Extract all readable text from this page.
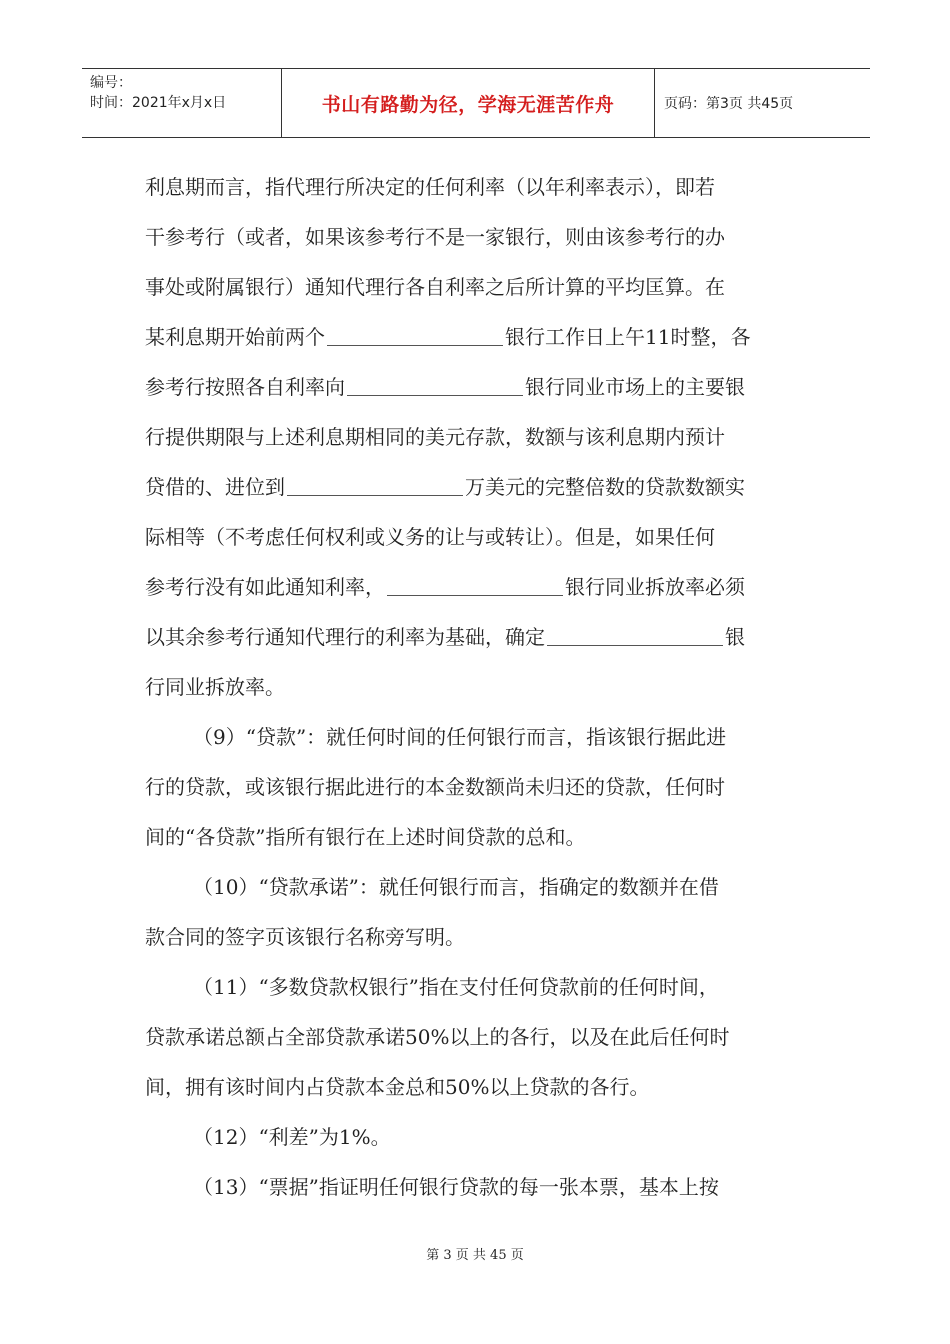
编号：
时间：2021年x月x日	书山有路勤为径，学海无涯苦作舟	页码：第3页 共45页
利息期而言，指代理行所决定的任何利率（以年利率表示），即若
干参考行（或者，如果该参考行不是一家银行，则由该参考行的办
事处或附属银行）通知代理行各自利率之后所计算的平均匡算。在
某利息期开始前两个	银行工作日上午11时整，各
参考行按照各自利率向	银行同业市场上的主要银
行提供期限与上述利息期相同的美元存款，数额与该利息期内预计
贷借的、进位到	万美元的完整倍数的贷款数额实
际相等（不考虑任何权利或义务的让与或转让）。但是，如果任何
参考行没有如此通知利率，	银行同业拆放率必须
以其余参考行通知代理行的利率为基础，确定	银
行同业拆放率。
（9）“贷款”：就任何时间的任何银行而言，指该银行据此进
行的贷款，或该银行据此进行的本金数额尚未归还的贷款，任何时
间的“各贷款”指所有银行在上述时间贷款的总和。
（10）“贷款承诺”：就任何银行而言，指确定的数额并在借
款合同的签字页该银行名称旁写明。
（11）“多数贷款权银行”指在支付任何贷款前的任何时间，
贷款承诺总额占全部贷款承诺50%以上的各行，以及在此后任何时
间，拥有该时间内占贷款本金总和50%以上贷款的各行。
（12）“利差”为1%。
（13）“票据”指证明任何银行贷款的每一张本票，基本上按
第 3 页 共 45 页
